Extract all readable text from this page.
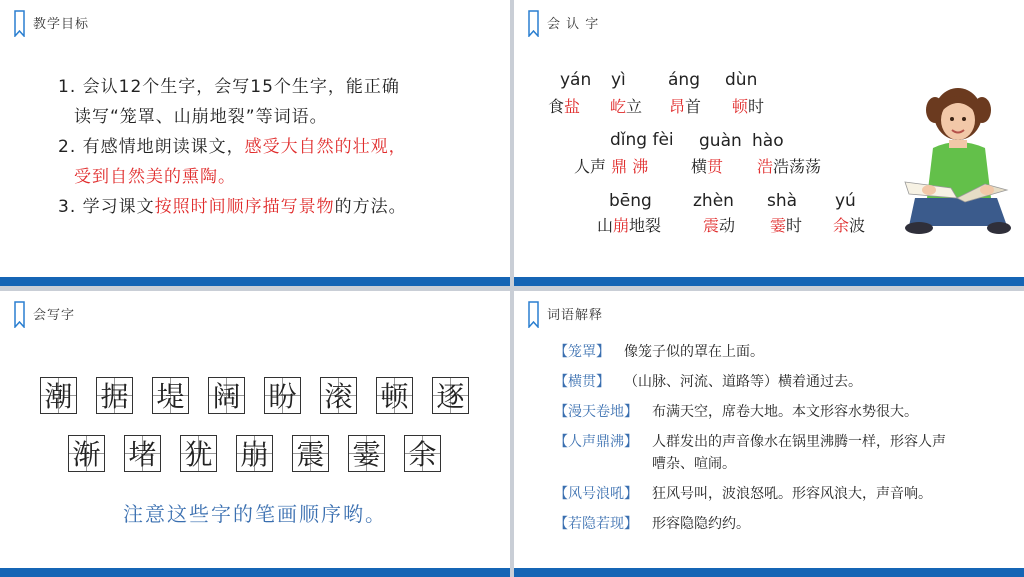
教学目标

1. 会认12个生字，会写15个生字，能正确
读写“笼罩、山崩地裂”等词语。

2. 有感情地朗读课文，感受大自然的壮观，
受到自然美的熏陶。

3. 学习课文按照时间顺序描写景物的方法。

会 认 字
yán yì áng dùn
食盐 屹立 昂首 顿时
dǐng fèi guàn hào
人声 鼎 沸	横贯 浩浩荡荡
bēng zhèn shà yú
山崩地裂	震动 霎时 余波
会写字
潮 据 堤 阔 盼 滚 顿 逐
渐 堵 犹 崩 震 霎 余
注意这些字的笔画顺序哟。
词语解释
【笼罩】 像笼子似的罩在上面。
【横贯】 （山脉、河流、道路等）横着通过去。
【漫天卷地】 布满天空，席卷大地。本文形容水势很大。
【人声鼎沸】 人群发出的声音像水在锅里沸腾一样，形容人声嘈杂、喧闹。
【风号浪吼】 狂风号叫，波浪怒吼。形容风浪大，声音响。
【若隐若现】 形容隐隐约约。
